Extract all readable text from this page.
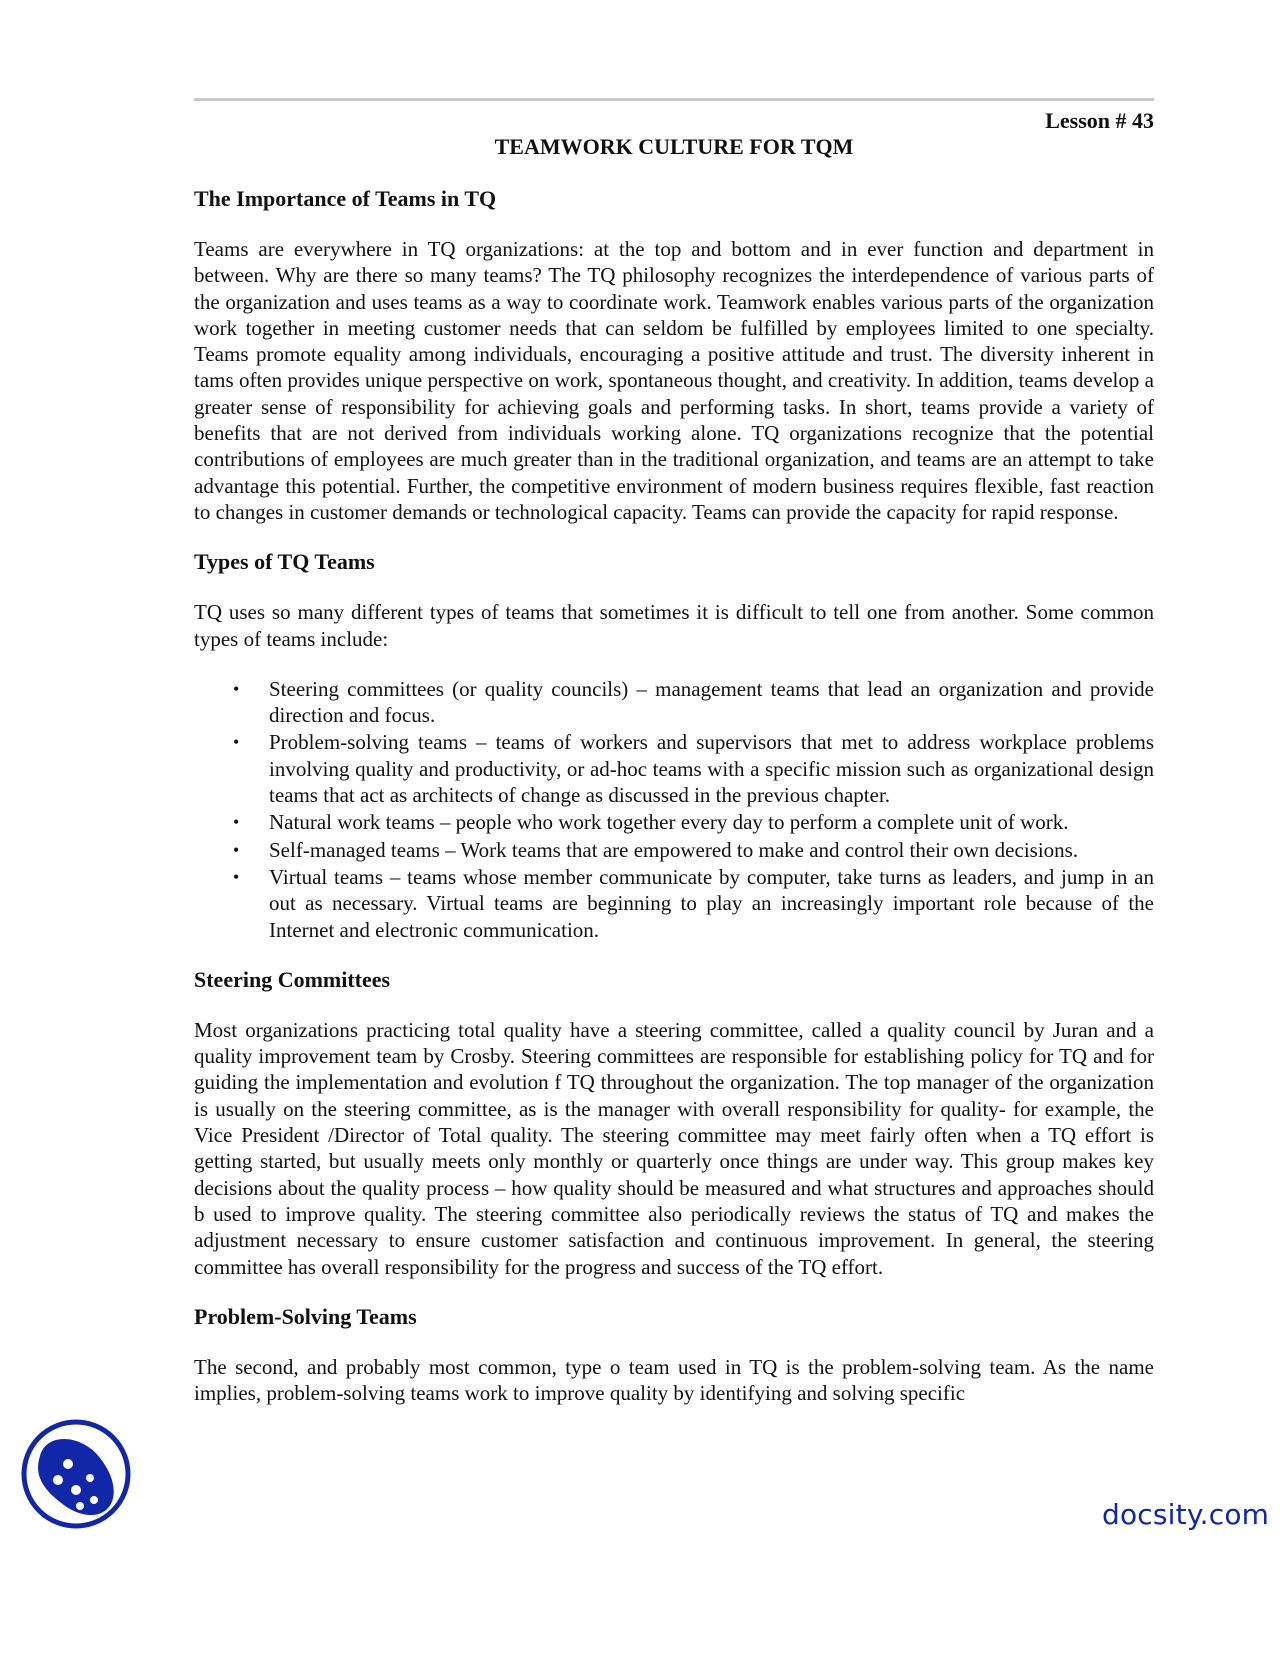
Lesson # 43
TEAMWORK CULTURE FOR TQM
The Importance of Teams in TQ

Teams are everywhere in TQ organizations: at the top and bottom and in ever function and department in between. Why are there so many teams? The TQ philosophy recognizes the interdependence of various parts of the organization and uses teams as a way to coordinate work. Teamwork enables various parts of the organization work together in meeting customer needs that can seldom be fulfilled by employees limited to one specialty. Teams promote equality among individuals, encouraging a positive attitude and trust. The diversity inherent in tams often provides unique perspective on work, spontaneous thought, and creativity. In addition, teams develop a greater sense of responsibility for achieving goals and performing tasks. In short, teams provide a variety of benefits that are not derived from individuals working alone. TQ organizations recognize that the potential contributions of employees are much greater than in the traditional organization, and teams are an attempt to take advantage this potential. Further, the competitive environment of modern business requires flexible, fast reaction to changes in customer demands or technological capacity. Teams can provide the capacity for rapid response.

Types of TQ Teams

TQ uses so many different types of teams that sometimes it is difficult to tell one from another. Some common types of teams include:

• Steering committees (or quality councils) – management teams that lead an organization and provide direction and focus.
• Problem-solving teams – teams of workers and supervisors that met to address workplace problems involving quality and productivity, or ad-hoc teams with a specific mission such as organizational design teams that act as architects of change as discussed in the previous chapter.
• Natural work teams – people who work together every day to perform a complete unit of work.
• Self-managed teams – Work teams that are empowered to make and control their own decisions.
• Virtual teams – teams whose member communicate by computer, take turns as leaders, and jump in an out as necessary. Virtual teams are beginning to play an increasingly important role because of the Internet and electronic communication.
Steering Committees

Most organizations practicing total quality have a steering committee, called a quality council by Juran and a quality improvement team by Crosby. Steering committees are responsible for establishing policy for TQ and for guiding the implementation and evolution f TQ throughout the organization. The top manager of the organization is usually on the steering committee, as is the manager with overall responsibility for quality- for example, the Vice President /Director of Total quality. The steering committee may meet fairly often when a TQ effort is getting started, but usually meets only monthly or quarterly once things are under way. This group makes key decisions about the quality process – how quality should be measured and what structures and approaches should b used to improve quality. The steering committee also periodically reviews the status of TQ and makes the adjustment necessary to ensure customer satisfaction and continuous improvement. In general, the steering committee has overall responsibility for the progress and success of the TQ effort.

Problem-Solving Teams

The second, and probably most common, type o team used in TQ is the problem-solving team. As the name implies, problem-solving teams work to improve quality by identifying and solving specific

docsity.com
